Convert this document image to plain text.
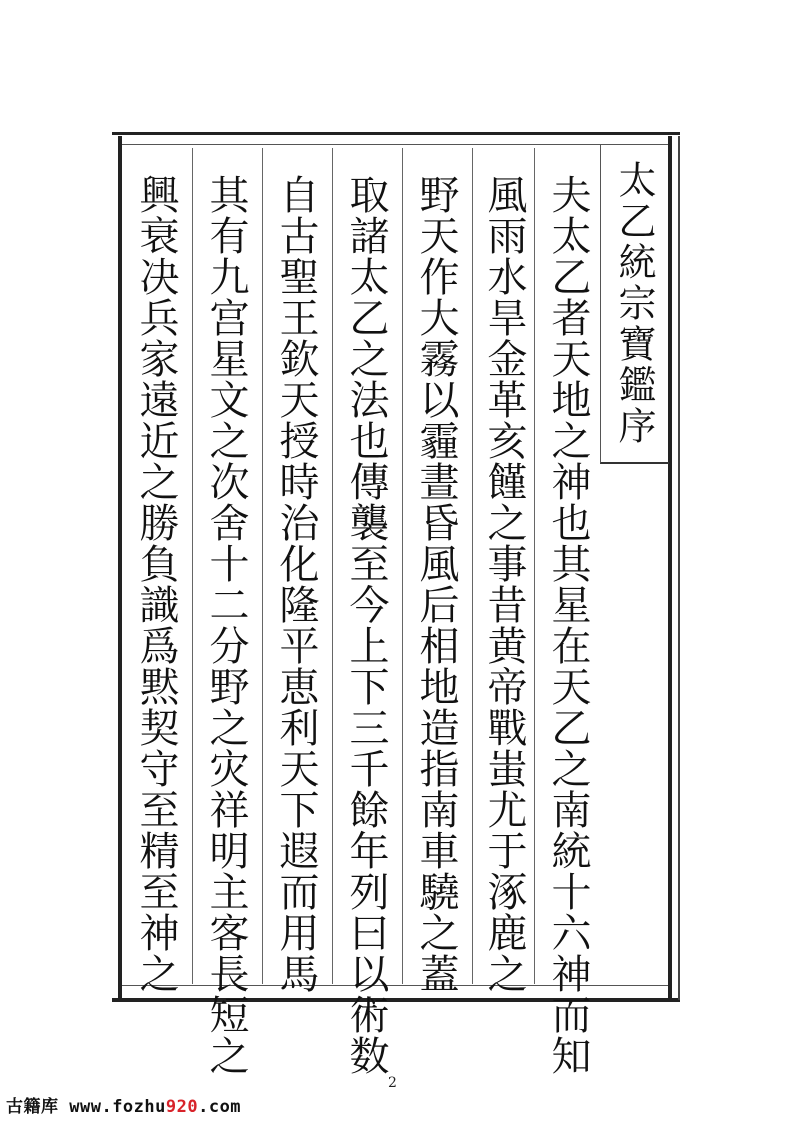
太乙統宗寶鑑序
夫太乙者天地之神也其星在天乙之南統十六神而知
風雨水旱金革亥饉之事昔黄帝戰蚩尤于涿鹿之
野天作大霧以霾晝昏風后相地造指南車驍之蓋
取諸太乙之法也傳襲至今上下三千餘年列曰以術数
自古聖王欽天授時治化隆平恵利天下遐而用馬
其有九宫星文之次舍十二分野之灾祥明主客長短之
興衰决兵家遠近之勝負識爲黙契守至精至神之
2
古籍库 www.fozhu920.com
